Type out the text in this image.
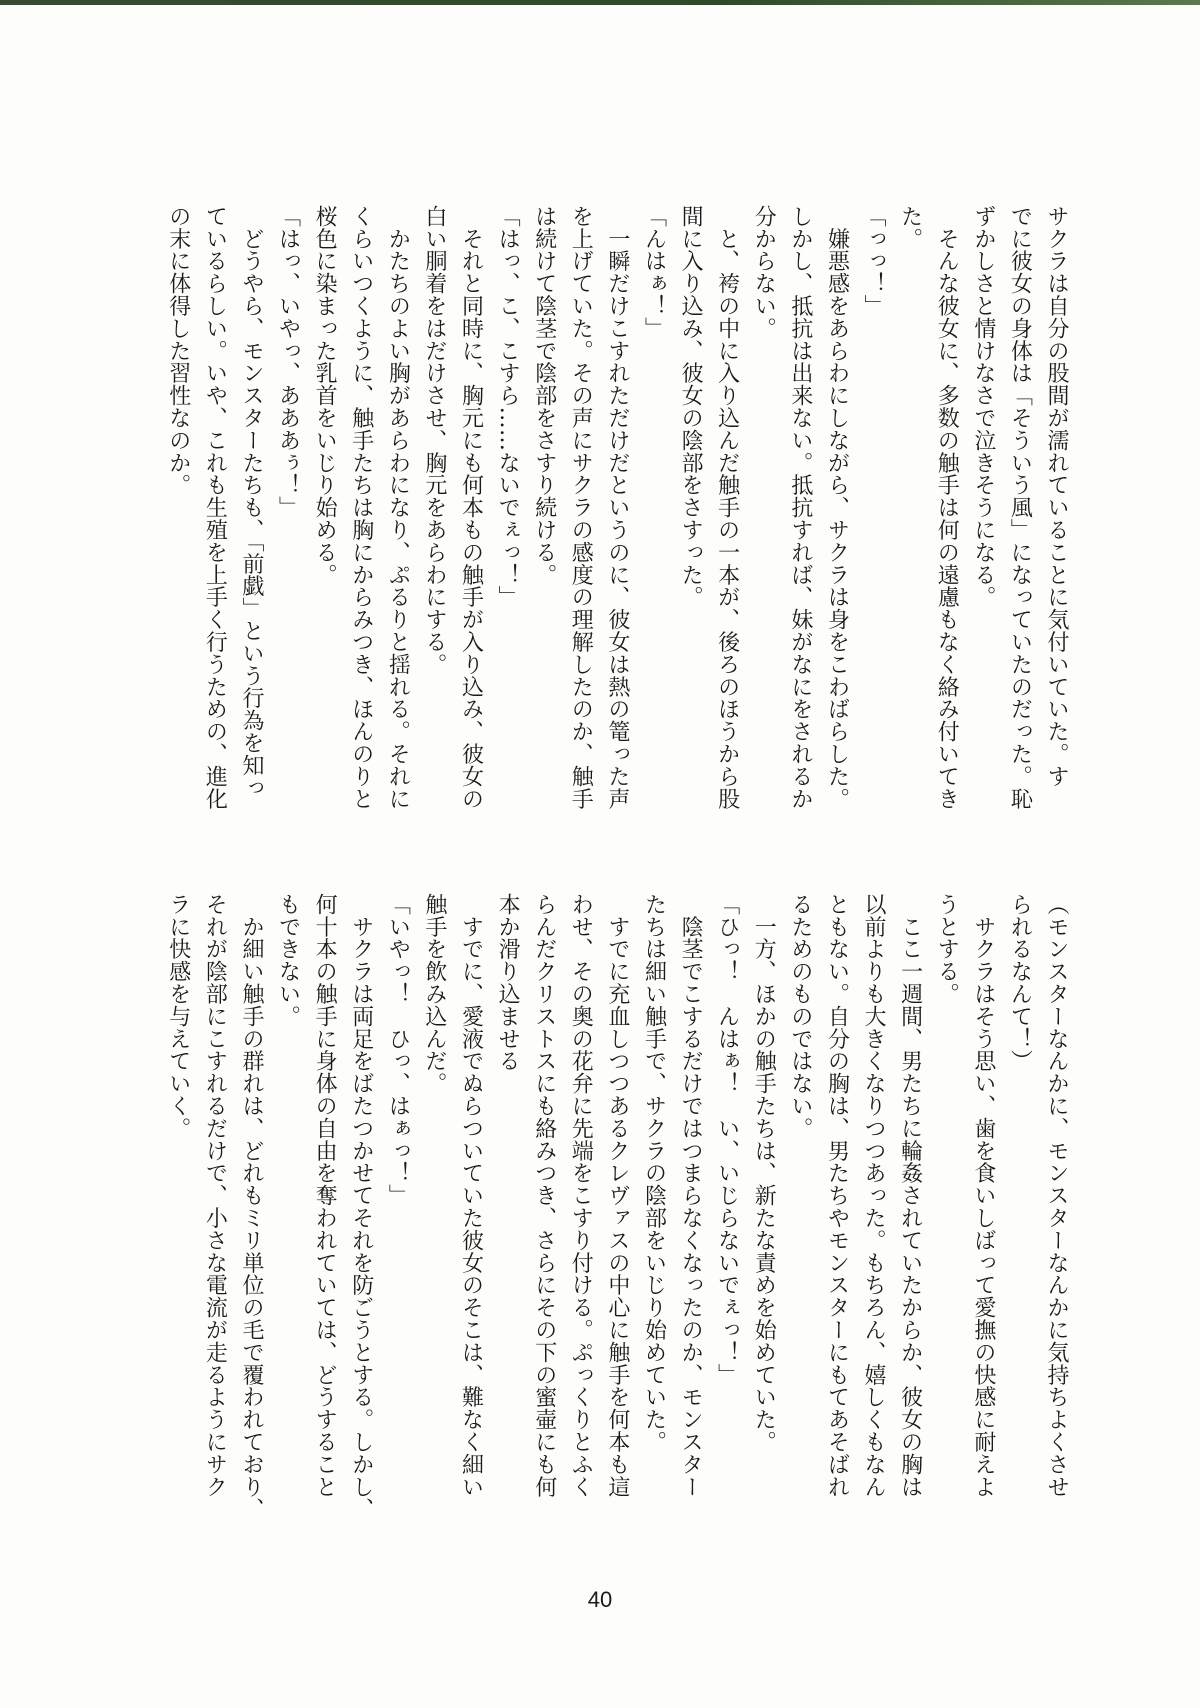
サクラは自分の股間が濡れていることに気付いていた。す
でに彼女の身体は「そういう風」になっていたのだった。恥
ずかしさと情けなさで泣きそうになる。
　そんな彼女に、多数の触手は何の遠慮もなく絡み付いてき
た。
「っっ！」
　嫌悪感をあらわにしながら、サクラは身をこわばらした。
しかし、抵抗は出来ない。抵抗すれば、妹がなにをされるか
分からない。
　と、袴の中に入り込んだ触手の一本が、後ろのほうから股
間に入り込み、彼女の陰部をさすった。
「んはぁ！」
　一瞬だけこすれただけだというのに、彼女は熱の篭った声
を上げていた。その声にサクラの感度の理解したのか、触手
は続けて陰茎で陰部をさすり続ける。
「はっ、こ、こすら……ないでぇっ！」
　それと同時に、胸元にも何本もの触手が入り込み、彼女の
白い胴着をはだけさせ、胸元をあらわにする。
　かたちのよい胸があらわになり、ぷるりと揺れる。それに
くらいつくように、触手たちは胸にからみつき、ほんのりと
桜色に染まった乳首をいじり始める。
「はっ、いやっ、あああぅ！」
　どうやら、モンスターたちも、「前戯」という行為を知っ
ているらしい。いや、これも生殖を上手く行うための、進化
の末に体得した習性なのか。
（モンスターなんかに、モンスターなんかに気持ちよくさせ
られるなんて！）
　サクラはそう思い、歯を食いしばって愛撫の快感に耐えよ
うとする。
　ここ一週間、男たちに輪姦されていたからか、彼女の胸は
以前よりも大きくなりつつあった。もちろん、嬉しくもなん
ともない。自分の胸は、男たちやモンスターにもてあそばれ
るためのものではない。
　一方、ほかの触手たちは、新たな責めを始めていた。
「ひっ！　んはぁ！　い、いじらないでぇっ！」
　陰茎でこするだけではつまらなくなったのか、モンスター
たちは細い触手で、サクラの陰部をいじり始めていた。
　すでに充血しつつあるクレヴァスの中心に触手を何本も這
わせ、その奥の花弁に先端をこすり付ける。ぷっくりとふく
らんだクリストスにも絡みつき、さらにその下の蜜壷にも何
本か滑り込ませる
　すでに、愛液でぬらついていた彼女のそこは、難なく細い
触手を飲み込んだ。
「いやっ！　ひっ、はぁっ！」
　サクラは両足をばたつかせてそれを防ごうとする。しかし、
何十本の触手に身体の自由を奪われていては、どうすること
もできない。
　か細い触手の群れは、どれもミリ単位の毛で覆われており、
それが陰部にこすれるだけで、小さな電流が走るようにサク
ラに快感を与えていく。
40
